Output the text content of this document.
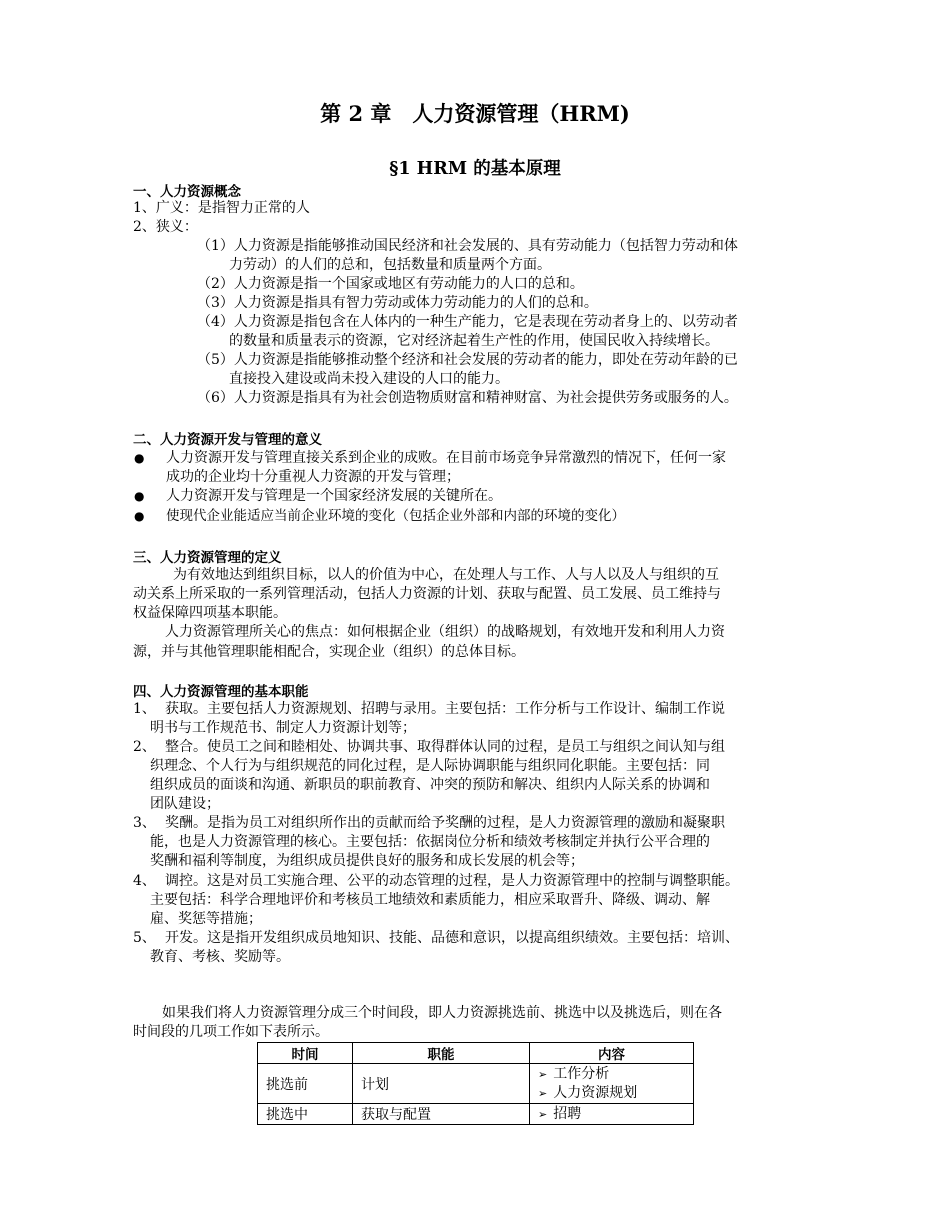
第 2 章　人力资源管理（HRM)
§1 HRM 的基本原理
一、人力资源概念
1、广义：是指智力正常的人
2、狭义：
（1）人力资源是指能够推动国民经济和社会发展的、具有劳动能力（包括智力劳动和体
力劳动）的人们的总和，包括数量和质量两个方面。
（2）人力资源是指一个国家或地区有劳动能力的人口的总和。
（3）人力资源是指具有智力劳动或体力劳动能力的人们的总和。
（4）人力资源是指包含在人体内的一种生产能力，它是表现在劳动者身上的、以劳动者
的数量和质量表示的资源，它对经济起着生产性的作用，使国民收入持续增长。
（5）人力资源是指能够推动整个经济和社会发展的劳动者的能力，即处在劳动年龄的已
直接投入建设或尚未投入建设的人口的能力。
（6）人力资源是指具有为社会创造物质财富和精神财富、为社会提供劳务或服务的人。
二、人力资源开发与管理的意义
● 人力资源开发与管理直接关系到企业的成败。在目前市场竞争异常激烈的情况下，任何一家
成功的企业均十分重视人力资源的开发与管理；
● 人力资源开发与管理是一个国家经济发展的关键所在。
● 使现代企业能适应当前企业环境的变化（包括企业外部和内部的环境的变化）
三、人力资源管理的定义
为有效地达到组织目标，以人的价值为中心，在处理人与工作、人与人以及人与组织的互
动关系上所采取的一系列管理活动，包括人力资源的计划、获取与配置、员工发展、员工维持与
权益保障四项基本职能。
人力资源管理所关心的焦点：如何根据企业（组织）的战略规划，有效地开发和利用人力资
源，并与其他管理职能相配合，实现企业（组织）的总体目标。
四、人力资源管理的基本职能
1、 获取。主要包括人力资源规划、招聘与录用。主要包括：工作分析与工作设计、编制工作说
明书与工作规范书、制定人力资源计划等；
2、 整合。使员工之间和睦相处、协调共事、取得群体认同的过程，是员工与组织之间认知与组
织理念、个人行为与组织规范的同化过程，是人际协调职能与组织同化职能。主要包括：同
组织成员的面谈和沟通、新职员的职前教育、冲突的预防和解决、组织内人际关系的协调和
团队建设；
3、 奖酬。是指为员工对组织所作出的贡献而给予奖酬的过程，是人力资源管理的激励和凝聚职
能，也是人力资源管理的核心。主要包括：依据岗位分析和绩效考核制定并执行公平合理的
奖酬和福利等制度，为组织成员提供良好的服务和成长发展的机会等；
4、 调控。这是对员工实施合理、公平的动态管理的过程，是人力资源管理中的控制与调整职能。
主要包括：科学合理地评价和考核员工地绩效和素质能力，相应采取晋升、降级、调动、解
雇、奖惩等措施；
5、 开发。这是指开发组织成员地知识、技能、品德和意识，以提高组织绩效。主要包括：培训、
教育、考核、奖励等。
如果我们将人力资源管理分成三个时间段，即人力资源挑选前、挑选中以及挑选后，则在各
时间段的几项工作如下表所示。
时间	职能	内容
挑选前	计划	➢ 工作分析
➢ 人力资源规划

挑选中	获取与配置	➢ 招聘
